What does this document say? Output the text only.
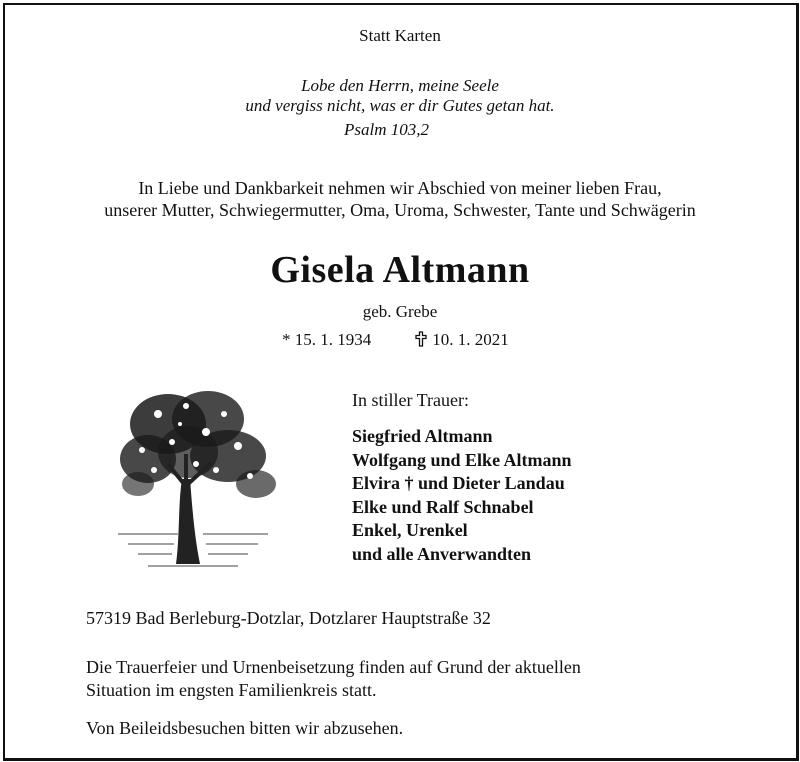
Statt Karten
Lobe den Herrn, meine Seele
und vergiss nicht, was er dir Gutes getan hat.
Psalm 103,2
In Liebe und Dankbarkeit nehmen wir Abschied von meiner lieben Frau,
unserer Mutter, Schwiegermutter, Oma, Uroma, Schwester, Tante und Schwägerin
Gisela Altmann
geb. Grebe
* 15. 1. 1934	10. 1. 2021
In stiller Trauer:
Siegfried Altmann
Wolfgang und Elke Altmann
Elvira † und Dieter Landau
Elke und Ralf Schnabel
Enkel, Urenkel
und alle Anverwandten
57319 Bad Berleburg-Dotzlar, Dotzlarer Hauptstraße 32
Die Trauerfeier und Urnenbeisetzung finden auf Grund der aktuellen
Situation im engsten Familienkreis statt.
Von Beileidsbesuchen bitten wir abzusehen.
